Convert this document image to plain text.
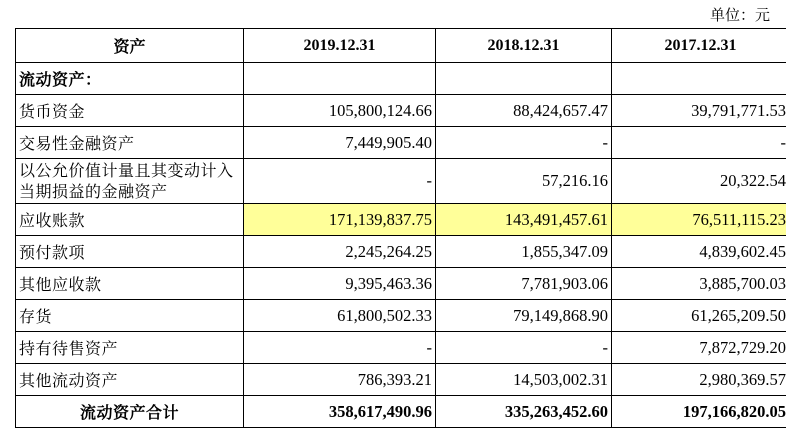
单位：元
资产	2019.12.31	2018.12.31	2017.12.31
流动资产：			
货币资金	105,800,124.66	88,424,657.47	39,791,771.53
交易性金融资产	7,449,905.40	-	-
以公允价值计量且其变动计入当期损益的金融资产	-	57,216.16	20,322.54
应收账款	171,139,837.75	143,491,457.61	76,511,115.23
预付款项	2,245,264.25	1,855,347.09	4,839,602.45
其他应收款	9,395,463.36	7,781,903.06	3,885,700.03
存货	61,800,502.33	79,149,868.90	61,265,209.50
持有待售资产	-	-	7,872,729.20
其他流动资产	786,393.21	14,503,002.31	2,980,369.57
流动资产合计	358,617,490.96	335,263,452.60	197,166,820.05
